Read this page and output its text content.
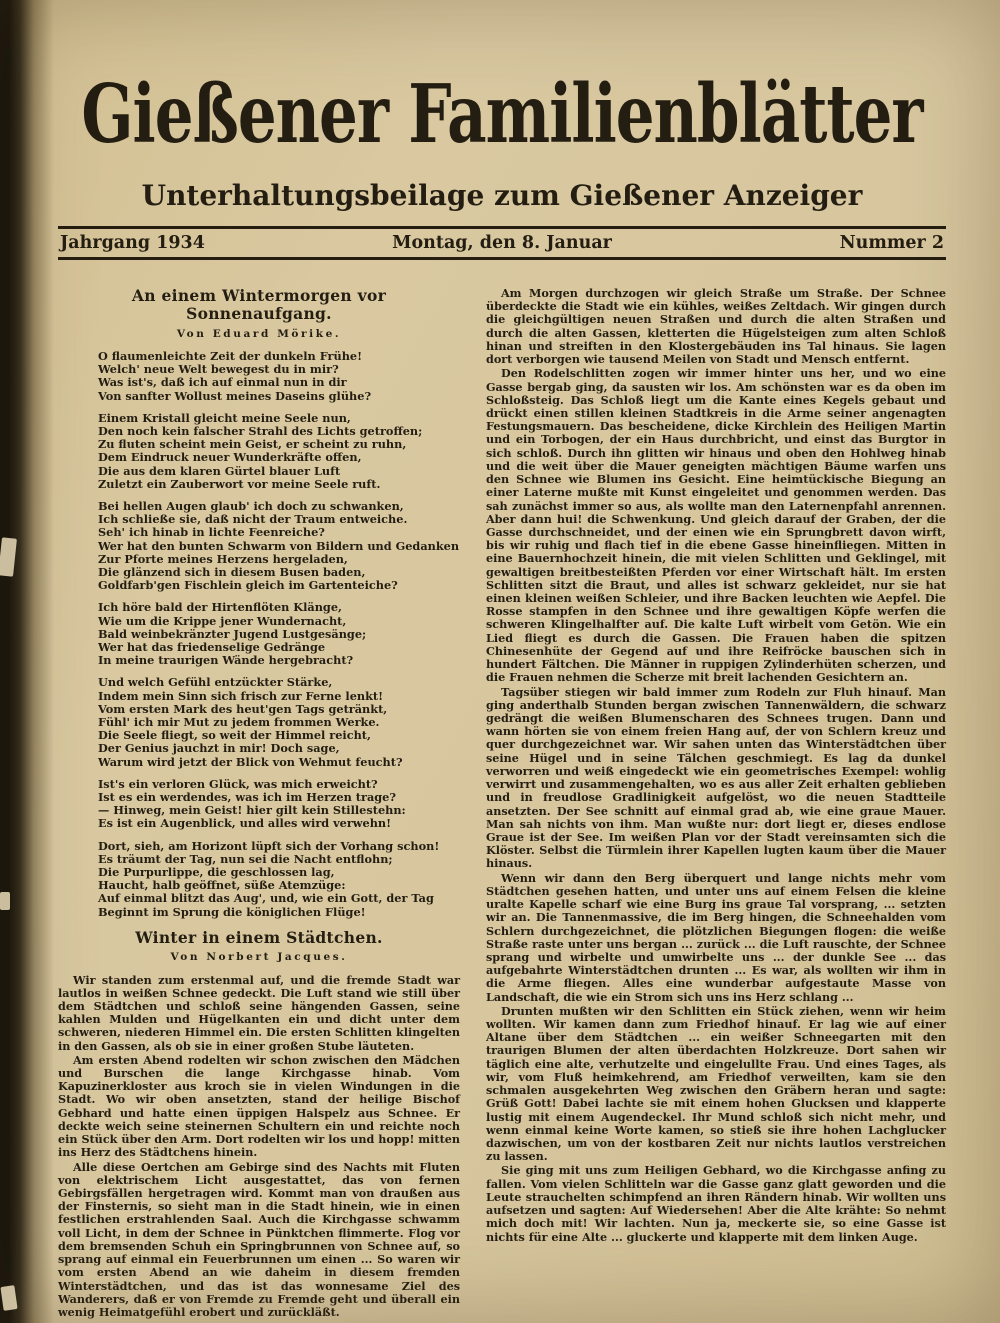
Gießener Familienblätter
Unterhaltungsbeilage zum Gießener Anzeiger
Jahrgang 1934	Montag, den 8. Januar	Nummer 2
An einem Wintermorgen vor Sonnenaufgang.
Von Eduard Mörike.
O flaumenleichte Zeit der dunkeln Frühe!
Welch' neue Welt bewegest du in mir?
Was ist's, daß ich auf einmal nun in dir
Von sanfter Wollust meines Daseins glühe?
Einem Kristall gleicht meine Seele nun,
Den noch kein falscher Strahl des Lichts getroffen;
Zu fluten scheint mein Geist, er scheint zu ruhn,
Dem Eindruck neuer Wunderkräfte offen,
Die aus dem klaren Gürtel blauer Luft
Zuletzt ein Zauberwort vor meine Seele ruft.
Bei hellen Augen glaub' ich doch zu schwanken,
Ich schließe sie, daß nicht der Traum entweiche.
Seh' ich hinab in lichte Feenreiche?
Wer hat den bunten Schwarm von Bildern und Gedanken
Zur Pforte meines Herzens hergeladen,
Die glänzend sich in diesem Busen baden,
Goldfarb'gen Fischlein gleich im Gartenteiche?
Ich höre bald der Hirtenflöten Klänge,
Wie um die Krippe jener Wundernacht,
Bald weinbekränzter Jugend Lustgesänge;
Wer hat das friedenselige Gedränge
In meine traurigen Wände hergebracht?
Und welch Gefühl entzückter Stärke,
Indem mein Sinn sich frisch zur Ferne lenkt!
Vom ersten Mark des heut'gen Tags getränkt,
Fühl' ich mir Mut zu jedem frommen Werke.
Die Seele fliegt, so weit der Himmel reicht,
Der Genius jauchzt in mir! Doch sage,
Warum wird jetzt der Blick von Wehmut feucht?
Ist's ein verloren Glück, was mich erweicht?
Ist es ein werdendes, was ich im Herzen trage?
— Hinweg, mein Geist! hier gilt kein Stillestehn:
Es ist ein Augenblick, und alles wird verwehn!
Dort, sieh, am Horizont lüpft sich der Vorhang schon!
Es träumt der Tag, nun sei die Nacht entflohn;
Die Purpurlippe, die geschlossen lag,
Haucht, halb geöffnet, süße Atemzüge:
Auf einmal blitzt das Aug', und, wie ein Gott, der Tag
Beginnt im Sprung die königlichen Flüge!
Winter in einem Städtchen.
Von Norbert Jacques.

Wir standen zum erstenmal auf, und die fremde Stadt war lautlos in weißen Schnee gedeckt. Die Luft stand wie still über dem Städtchen und schloß seine hängenden Gassen, seine kahlen Mulden und Hügelkanten ein und dicht unter dem schweren, niederen Himmel ein. Die ersten Schlitten klingelten in den Gassen, als ob sie in einer großen Stube läuteten.

Am ersten Abend rodelten wir schon zwischen den Mädchen und Burschen die lange Kirchgasse hinab. Vom Kapuzinerkloster aus kroch sie in vielen Windungen in die Stadt. Wo wir oben ansetzten, stand der heilige Bischof Gebhard und hatte einen üppigen Halspelz aus Schnee. Er deckte weich seine steinernen Schultern ein und reichte noch ein Stück über den Arm. Dort rodelten wir los und hopp! mitten ins Herz des Städtchens hinein.

Alle diese Oertchen am Gebirge sind des Nachts mit Fluten von elektrischem Licht ausgestattet, das von fernen Gebirgsfällen hergetragen wird. Kommt man von draußen aus der Finsternis, so sieht man in die Stadt hinein, wie in einen festlichen erstrahlenden Saal. Auch die Kirchgasse schwamm voll Licht, in dem der Schnee in Pünktchen flimmerte. Flog vor dem bremsenden Schuh ein Springbrunnen von Schnee auf, so sprang auf einmal ein Feuerbrunnen um einen ... So waren wir vom ersten Abend an wie daheim in diesem fremden Winterstädtchen, und das ist das wonnesame Ziel des Wanderers, daß er von Fremde zu Fremde geht und überall ein wenig Heimatgefühl erobert und zurückläßt.

Am Morgen durchzogen wir gleich Straße um Straße. Der Schnee überdeckte die Stadt wie ein kühles, weißes Zeltdach. Wir gingen durch die gleichgültigen neuen Straßen und durch die alten Straßen und durch die alten Gassen, kletterten die Hügelsteigen zum alten Schloß hinan und streiften in den Klostergebäuden ins Tal hinaus. Sie lagen dort verborgen wie tausend Meilen von Stadt und Mensch entfernt.

Den Rodelschlitten zogen wir immer hinter uns her, und wo eine Gasse bergab ging, da sausten wir los. Am schönsten war es da oben im Schloßsteig. Das Schloß liegt um die Kante eines Kegels gebaut und drückt einen stillen kleinen Stadtkreis in die Arme seiner angenagten Festungsmauern. Das bescheidene, dicke Kirchlein des Heiligen Martin und ein Torbogen, der ein Haus durchbricht, und einst das Burgtor in sich schloß. Durch ihn glitten wir hinaus und oben den Hohlweg hinab und die weit über die Mauer geneigten mächtigen Bäume warfen uns den Schnee wie Blumen ins Gesicht. Eine heimtückische Biegung an einer Laterne mußte mit Kunst eingeleitet und genommen werden. Das sah zunächst immer so aus, als wollte man den Laternenpfahl anrennen. Aber dann hui! die Schwenkung. Und gleich darauf der Graben, der die Gasse durchschneidet, und der einen wie ein Sprungbrett davon wirft, bis wir ruhig und flach tief in die ebene Gasse hineinfliegen. Mitten in eine Bauernhochzeit hinein, die mit vielen Schlitten und Geklingel, mit gewaltigen breitbesteißten Pferden vor einer Wirtschaft hält. Im ersten Schlitten sitzt die Braut, und alles ist schwarz gekleidet, nur sie hat einen kleinen weißen Schleier, und ihre Backen leuchten wie Aepfel. Die Rosse stampfen in den Schnee und ihre gewaltigen Köpfe werfen die schweren Klingelhalfter auf. Die kalte Luft wirbelt vom Getön. Wie ein Lied fliegt es durch die Gassen. Die Frauen haben die spitzen Chinesenhüte der Gegend auf und ihre Reifröcke bauschen sich in hundert Fältchen. Die Männer in ruppigen Zylinderhüten scherzen, und die Frauen nehmen die Scherze mit breit lachenden Gesichtern an.

Tagsüber stiegen wir bald immer zum Rodeln zur Fluh hinauf. Man ging anderthalb Stunden bergan zwischen Tannenwäldern, die schwarz gedrängt die weißen Blumenscharen des Schnees trugen. Dann und wann hörten sie von einem freien Hang auf, der von Schlern kreuz und quer durchgezeichnet war. Wir sahen unten das Winterstädtchen über seine Hügel und in seine Tälchen geschmiegt. Es lag da dunkel verworren und weiß eingedeckt wie ein geometrisches Exempel: wohlig verwirrt und zusammengehalten, wo es aus aller Zeit erhalten geblieben und in freudlose Gradlinigkeit aufgelöst, wo die neuen Stadtteile ansetzten. Der See schnitt auf einmal grad ab, wie eine graue Mauer. Man sah nichts von ihm. Man wußte nur: dort liegt er, dieses endlose Graue ist der See. Im weißen Plan vor der Stadt vereinsamten sich die Klöster. Selbst die Türmlein ihrer Kapellen lugten kaum über die Mauer hinaus.

Wenn wir dann den Berg überquert und lange nichts mehr vom Städtchen gesehen hatten, und unter uns auf einem Felsen die kleine uralte Kapelle scharf wie eine Burg ins graue Tal vorsprang, ... setzten wir an. Die Tannenmassive, die im Berg hingen, die Schneehalden vom Schlern durchgezeichnet, die plötzlichen Biegungen flogen: die weiße Straße raste unter uns bergan ... zurück ... die Luft rauschte, der Schnee sprang und wirbelte und umwirbelte uns ... der dunkle See ... das aufgebahrte Winterstädtchen drunten ... Es war, als wollten wir ihm in die Arme fliegen. Alles eine wunderbar aufgestaute Masse von Landschaft, die wie ein Strom sich uns ins Herz schlang ...

Drunten mußten wir den Schlitten ein Stück ziehen, wenn wir heim wollten. Wir kamen dann zum Friedhof hinauf. Er lag wie auf einer Altane über dem Städtchen ... ein weißer Schneegarten mit den traurigen Blumen der alten überdachten Holzkreuze. Dort sahen wir täglich eine alte, verhutzelte und eingelullte Frau. Und eines Tages, als wir, vom Fluß heimkehrend, am Friedhof verweilten, kam sie den schmalen ausgekehrten Weg zwischen den Gräbern heran und sagte: Grüß Gott! Dabei lachte sie mit einem hohen Glucksen und klapperte lustig mit einem Augendeckel. Ihr Mund schloß sich nicht mehr, und wenn einmal keine Worte kamen, so stieß sie ihre hohen Lachglucker dazwischen, um von der kostbaren Zeit nur nichts lautlos verstreichen zu lassen.

Sie ging mit uns zum Heiligen Gebhard, wo die Kirchgasse anfing zu fallen. Vom vielen Schlitteln war die Gasse ganz glatt geworden und die Leute strauchelten schimpfend an ihren Rändern hinab. Wir wollten uns aufsetzen und sagten: Auf Wiedersehen! Aber die Alte krähte: So nehmt mich doch mit! Wir lachten. Nun ja, meckerte sie, so eine Gasse ist nichts für eine Alte ... gluckerte und klapperte mit dem linken Auge.
